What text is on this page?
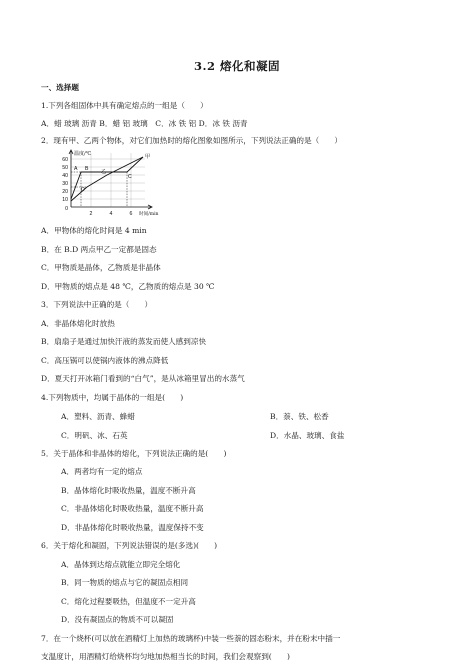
3.2 熔化和凝固
一、选择题
1.下列各组固体中具有确定熔点的一组是（　　）
A．蜡 玻璃 沥青 B．蜡 铝 玻璃　C．冰 铁 铝 D．冰 铁 沥青
2．现有甲、乙两个物体，对它们加热时的熔化图象如图所示，下列说法正确的是（　　）
60
50
40
30
20
10
0
2	4	6
温度/℃
时间/min
A B
C
D
甲
乙
A．甲物体的熔化时间是 4 min
B．在 B.D 两点甲乙一定都是固态
C．甲物质是晶体，乙物质是非晶体
D．甲物质的熔点是 48 ℃，乙物质的熔点是 30 ℃
3．下列说法中正确的是（　　）
A．非晶体熔化时放热
B．扇扇子是通过加快汗液的蒸发而使人感到凉快
C．高压锅可以使锅内液体的沸点降低
D．夏天打开冰箱门看到的“白气”，是从冰箱里冒出的水蒸气
4.下列物质中，均属于晶体的一组是(　　)
A．塑料、沥青、蜂蜡	B．萘、铁、松香
C．明矾、冰、石英	D．水晶、玻璃、食盐
5．关于晶体和非晶体的熔化，下列说法正确的是(　　)
A．两者均有一定的熔点
B．晶体熔化时吸收热量，温度不断升高
C．非晶体熔化时吸收热量，温度不断升高
D．非晶体熔化时吸收热量，温度保持不变
6．关于熔化和凝固，下列说法错误的是(多选)(　　)
A．晶体到达熔点就能立即完全熔化
B．同一物质的熔点与它的凝固点相同
C．熔化过程要吸热，但温度不一定升高
D．没有凝固点的物质不可以凝固
7．在一个烧杯(可以放在酒精灯上加热的玻璃杯)中装一些萘的固态粉末，并在粉末中插一
支温度计，用酒精灯给烧杯均匀地加热相当长的时间，我们会观察到(　　)
